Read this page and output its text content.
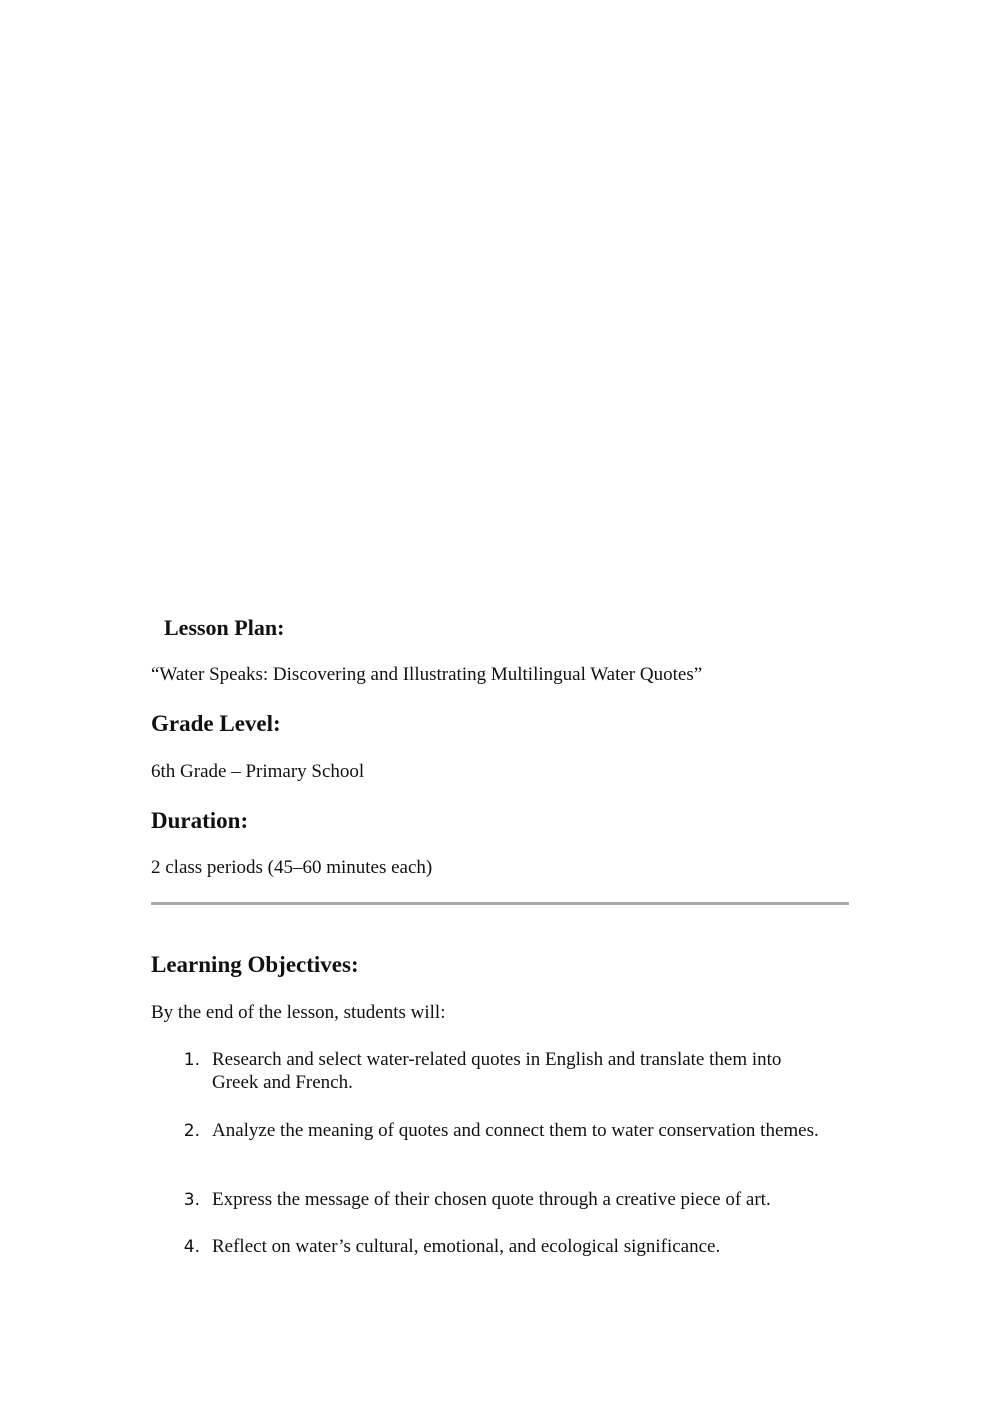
Lesson Plan:

“Water Speaks: Discovering and Illustrating Multilingual Water Quotes”

Grade Level:

6th Grade – Primary School

Duration:

2 class periods (45–60 minutes each)

Learning Objectives:

By the end of the lesson, students will:

1. Research and select water-related quotes in English and translate them into Greek and French.

2. Analyze the meaning of quotes and connect them to water conservation themes.

3. Express the message of their chosen quote through a creative piece of art.

4. Reflect on water’s cultural, emotional, and ecological significance.
